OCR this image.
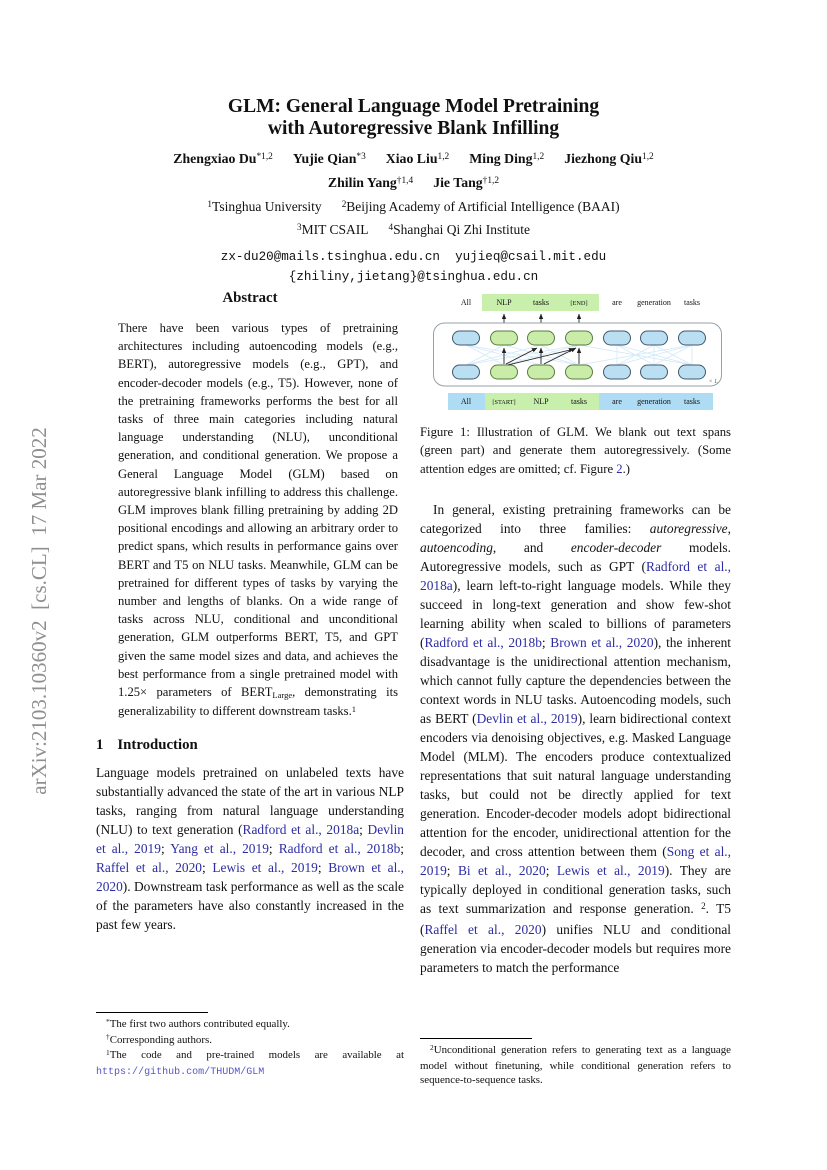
arXiv:2103.10360v2  [cs.CL]  17 Mar 2022
GLM: General Language Model Pretraining
with Autoregressive Blank Infilling
Zhengxiao Du$^{*1,2}$ Yujie Qian$^{*3}$ Xiao Liu$^{1,2}$ Ming Ding$^{1,2}$ Jiezhong Qiu$^{1,2}$
Zhilin Yang$^{\dagger 1,4}$ Jie Tang$^{\dagger 1,2}$
$^1$Tsinghua University $^2$Beijing Academy of Artificial Intelligence (BAAI)
$^3$MIT CSAIL $^4$Shanghai Qi Zhi Institute
zx-du20@mails.tsinghua.edu.cn  yujieq@csail.mit.edu
{zhiliny,jietang}@tsinghua.edu.cn
Abstract

There have been various types of pretraining architectures including autoencoding models (e.g., BERT), autoregressive models (e.g., GPT), and encoder-decoder models (e.g., T5). However, none of the pretraining frameworks performs the best for all tasks of three main categories including natural language understanding (NLU), unconditional generation, and conditional generation. We propose a General Language Model (GLM) based on autoregressive blank infilling to address this challenge. GLM improves blank filling pretraining by adding 2D positional encodings and allowing an arbitrary order to predict spans, which results in performance gains over BERT and T5 on NLU tasks. Meanwhile, GLM can be pretrained for different types of tasks by varying the number and lengths of blanks. On a wide range of tasks across NLU, conditional and unconditional generation, GLM outperforms BERT, T5, and GPT given the same model sizes and data, and achieves the best performance from a single pretrained model with 1.25× parameters of BERTLarge, demonstrating its generalizability to different downstream tasks.$^1$

1 Introduction

Language models pretrained on unlabeled texts have substantially advanced the state of the art in various NLP tasks, ranging from natural language understanding (NLU) to text generation (Radford et al., 2018a; Devlin et al., 2019; Yang et al., 2019; Radford et al., 2018b; Raffel et al., 2020; Lewis et al., 2019; Brown et al., 2020). Downstream task performance as well as the scale of the parameters have also constantly increased in the past few years.

All	NLP	tasks	[END]	are generation tasks
× L
All	[START] NLP	tasks	are generation tasks
Figure 1: Illustration of GLM. We blank out text spans (green part) and generate them autoregressively. (Some attention edges are omitted; cf. Figure 2.)

In general, existing pretraining frameworks can be categorized into three families: autoregressive, autoencoding, and encoder-decoder models. Autoregressive models, such as GPT (Radford et al., 2018a), learn left-to-right language models. While they succeed in long-text generation and show few-shot learning ability when scaled to billions of parameters (Radford et al., 2018b; Brown et al., 2020), the inherent disadvantage is the unidirectional attention mechanism, which cannot fully capture the dependencies between the context words in NLU tasks. Autoencoding models, such as BERT (Devlin et al., 2019), learn bidirectional context encoders via denoising objectives, e.g. Masked Language Model (MLM). The encoders produce contextualized representations that suit natural language understanding tasks, but could not be directly applied for text generation. Encoder-decoder models adopt bidirectional attention for the encoder, unidirectional attention for the decoder, and cross attention between them (Song et al., 2019; Bi et al., 2020; Lewis et al., 2019). They are typically deployed in conditional generation tasks, such as text summarization and response generation. $^2$. T5 (Raffel et al., 2020) unifies NLU and conditional generation via encoder-decoder models but requires more parameters to match the performance

*The first two authors contributed equally.
†Corresponding authors.
$^1$The code and pre-trained models are available at https://github.com/THUDM/GLM
$^2$Unconditional generation refers to generating text as a language model without finetuning, while conditional generation refers to sequence-to-sequence tasks.
